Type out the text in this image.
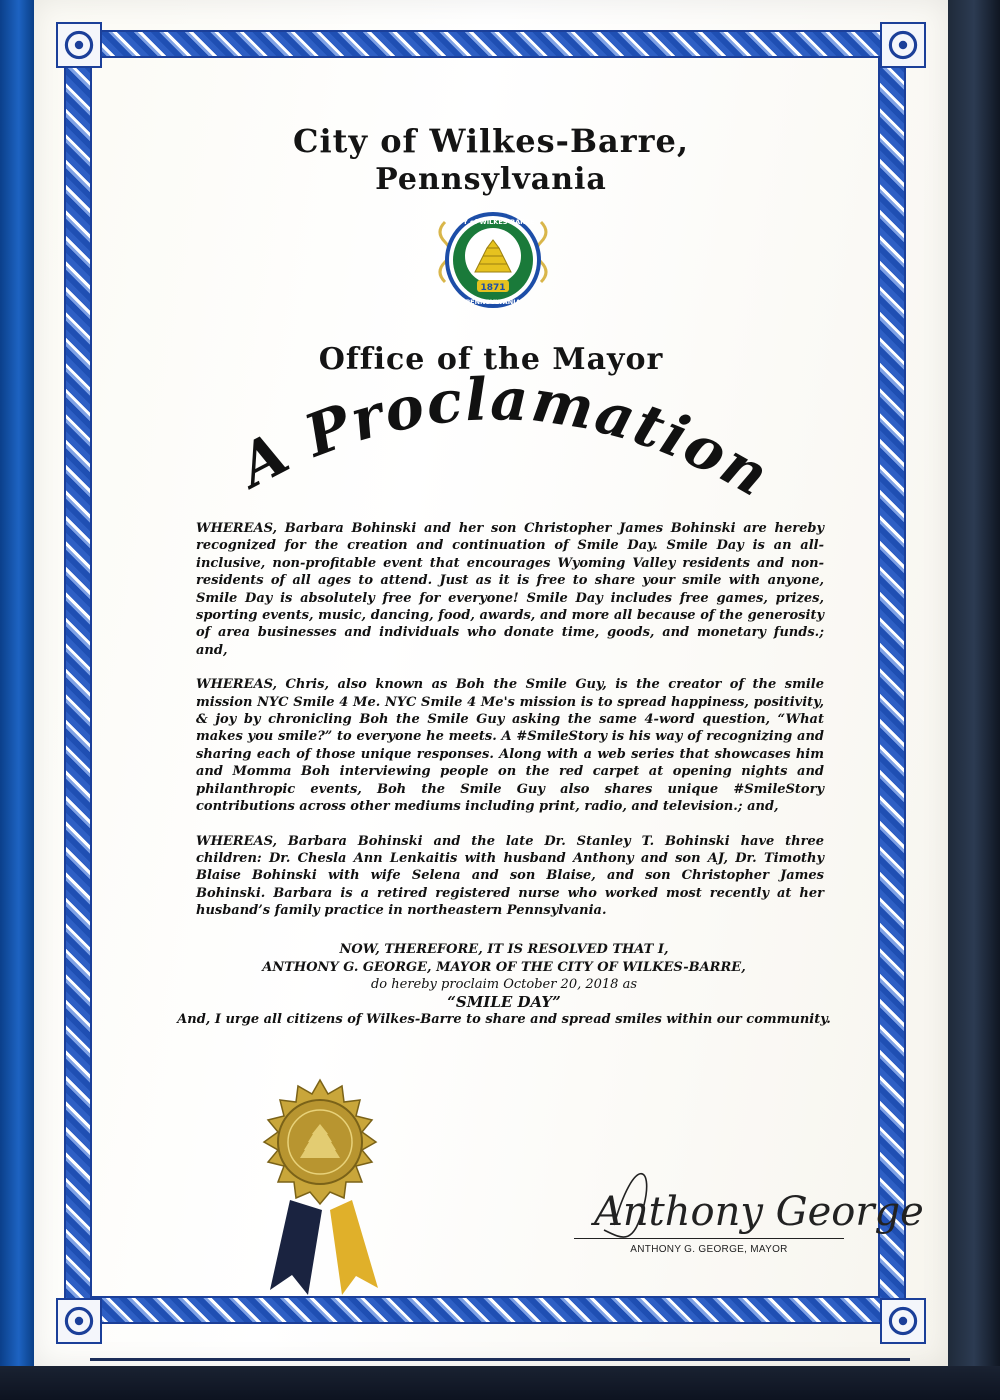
City of Wilkes-Barre,
Pennsylvania
1871
CITY of WILKES-BARRE
PENNSYLVANIA
Office of the Mayor
A Proclamatio

WHEREAS, Barbara Bohinski and her son Christopher James Bohinski are hereby recognized for the creation and continuation of Smile Day. Smile Day is an all-inclusive, non-profitable event that encourages Wyoming Valley residents and non-residents of all ages to attend. Just as it is free to share your smile with anyone, Smile Day is absolutely free for everyone! Smile Day includes free games, prizes, sporting events, music, dancing, food, awards, and more all because of the generosity of area businesses and individuals who donate time, goods, and monetary funds.; and,

WHEREAS, Chris, also known as Boh the Smile Guy, is the creator of the smile mission NYC Smile 4 Me. NYC Smile 4 Me's mission is to spread happiness, positivity, & joy by chronicling Boh the Smile Guy asking the same 4-word question, “What makes you smile?” to everyone he meets. A #SmileStory is his way of recognizing and sharing each of those unique responses. Along with a web series that showcases him and Momma Boh interviewing people on the red carpet at opening nights and philanthropic events, Boh the Smile Guy also shares unique #SmileStory contributions across other mediums including print, radio, and television.; and,

WHEREAS, Barbara Bohinski and the late Dr. Stanley T. Bohinski have three children: Dr. Chesla Ann Lenkaitis with husband Anthony and son AJ, Dr. Timothy Blaise Bohinski with wife Selena and son Blaise, and son Christopher James Bohinski. Barbara is a retired registered nurse who worked most recently at her husband’s family practice in northeastern Pennsylvania.

NOW, THEREFORE, IT IS RESOLVED THAT I,
ANTHONY G. GEORGE, MAYOR OF THE CITY OF WILKES-BARRE,
do hereby proclaim October 20, 2018 as
“SMILE DAY”
And, I urge all citizens of Wilkes-Barre to share and spread smiles within our community.
Anthony George
ANTHONY G. GEORGE, MAYOR
